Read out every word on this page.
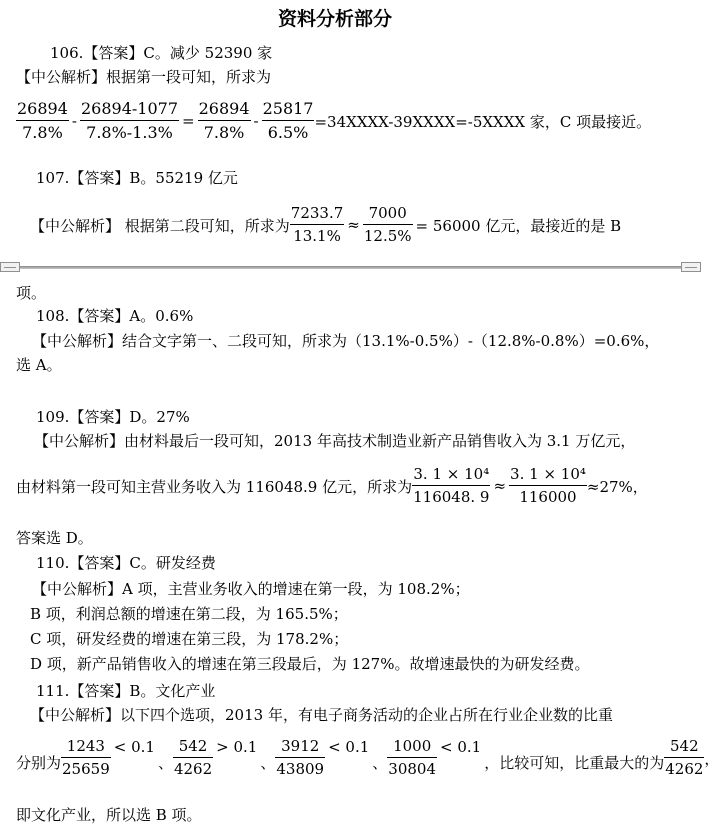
资料分析部分
106.【答案】C。减少 52390 家
【中公解析】根据第一段可知，所求为
$\frac{26894}{7.8\%} - \frac{26894-1077}{7.8\%-1.3\%} = \frac{26894}{7.8\%} - \frac{25817}{6.5\%}$ =34XXXX-39XXXX=-5XXXX 家，C 项最接近。
107.【答案】B。55219 亿元
【中公解析】 根据第二段可知，所求为 $\frac{7233.7}{13.1\%} \approx \frac{7000}{12.5\%} = 56000$ 亿元，最接近的是 B
项。
108.【答案】A。0.6%
【中公解析】结合文字第一、二段可知，所求为（13.1%-0.5%）-（12.8%-0.8%）=0.6%，
选 A。
109.【答案】D。27%
【中公解析】由材料最后一段可知，2013 年高技术制造业新产品销售收入为 3.1 万亿元，
由材料第一段可知主营业务收入为 116048.9 亿元，所求为 $\frac{\text{3. 1 × 10⁴}}{116048. 9} \approx \frac{\text{3. 1 × 10⁴}}{116000} \approx 27\%$，
答案选 D。
110.【答案】C。研发经费
【中公解析】A 项，主营业务收入的增速在第一段，为 108.2%；
B 项，利润总额的增速在第二段，为 165.5%；
C 项，研发经费的增速在第三段，为 178.2%；
D 项，新产品销售收入的增速在第三段最后，为 127%。故增速最快的为研发经费。
111.【答案】B。文化产业
【中公解析】以下四个选项，2013 年，有电子商务活动的企业占所在行业企业数的比重
分别为 $\frac{1243}{25659} < 0.1$
、 $\frac{542}{4262} > 0.1$
、 $\frac{3912}{43809} < 0.1$
、 $\frac{1000}{30804} < 0.1$
，比较可知，比重最大的为 $\frac{542}{4262}$ ，
即文化产业，所以选 B 项。
